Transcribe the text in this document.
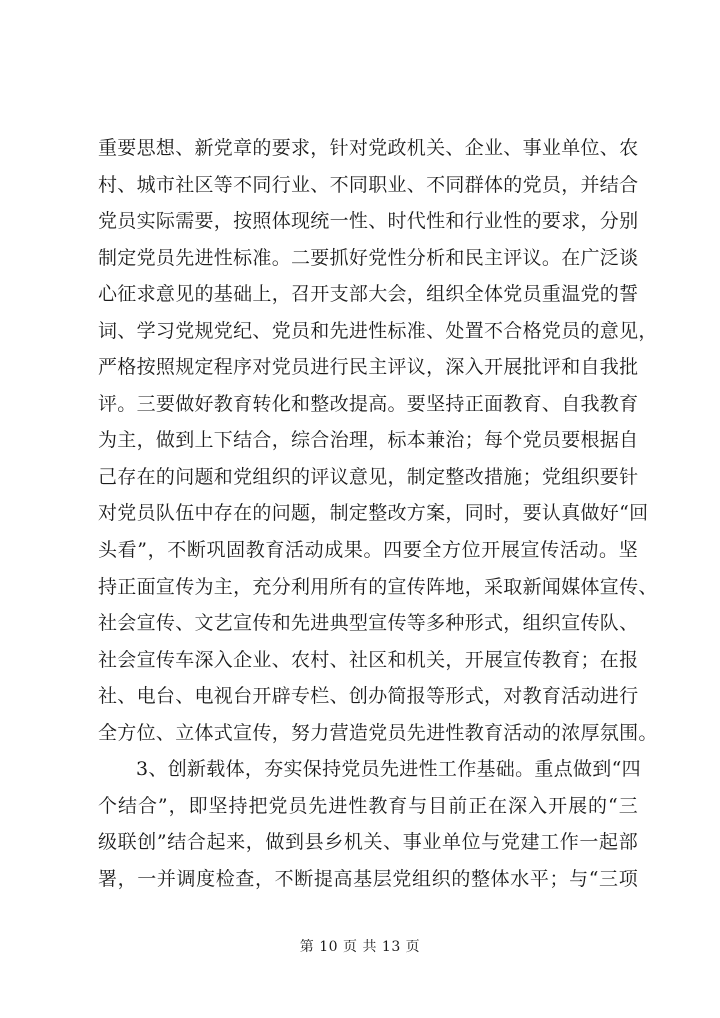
重要思想、新党章的要求，针对党政机关、企业、事业单位、农
村、城市社区等不同行业、不同职业、不同群体的党员，并结合
党员实际需要，按照体现统一性、时代性和行业性的要求，分别
制定党员先进性标准。二要抓好党性分析和民主评议。在广泛谈
心征求意见的基础上，召开支部大会，组织全体党员重温党的誓
词、学习党规党纪、党员和先进性标准、处置不合格党员的意见，
严格按照规定程序对党员进行民主评议，深入开展批评和自我批
评。三要做好教育转化和整改提高。要坚持正面教育、自我教育
为主，做到上下结合，综合治理，标本兼治；每个党员要根据自
己存在的问题和党组织的评议意见，制定整改措施；党组织要针
对党员队伍中存在的问题，制定整改方案，同时，要认真做好“回
头看”，不断巩固教育活动成果。四要全方位开展宣传活动。坚
持正面宣传为主，充分利用所有的宣传阵地，采取新闻媒体宣传、
社会宣传、文艺宣传和先进典型宣传等多种形式，组织宣传队、
社会宣传车深入企业、农村、社区和机关，开展宣传教育；在报
社、电台、电视台开辟专栏、创办简报等形式，对教育活动进行
全方位、立体式宣传，努力营造党员先进性教育活动的浓厚氛围。
3、创新载体，夯实保持党员先进性工作基础。重点做到“四
个结合”，即坚持把党员先进性教育与目前正在深入开展的“三
级联创”结合起来，做到县乡机关、事业单位与党建工作一起部
署，一并调度检查，不断提高基层党组织的整体水平；与“三项
第 10 页 共 13 页
